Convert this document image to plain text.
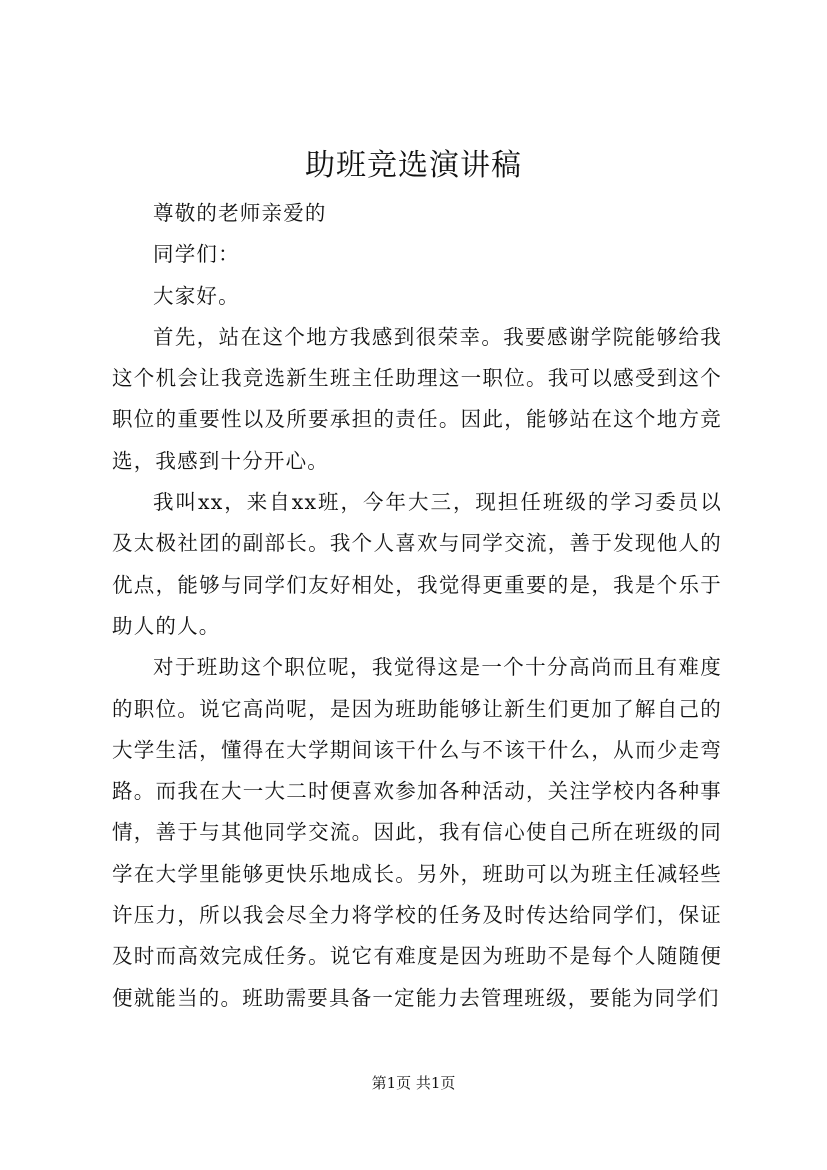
助班竞选演讲稿

尊敬的老师亲爱的

同学们：

大家好。

首先，站在这个地方我感到很荣幸。我要感谢学院能够给我这个机会让我竞选新生班主任助理这一职位。我可以感受到这个职位的重要性以及所要承担的责任。因此，能够站在这个地方竞选，我感到十分开心。

我叫xx，来自xx班，今年大三，现担任班级的学习委员以及太极社团的副部长。我个人喜欢与同学交流，善于发现他人的优点，能够与同学们友好相处，我觉得更重要的是，我是个乐于助人的人。

对于班助这个职位呢，我觉得这是一个十分高尚而且有难度的职位。说它高尚呢，是因为班助能够让新生们更加了解自己的大学生活，懂得在大学期间该干什么与不该干什么，从而少走弯路。而我在大一大二时便喜欢参加各种活动，关注学校内各种事情，善于与其他同学交流。因此，我有信心使自己所在班级的同学在大学里能够更快乐地成长。另外，班助可以为班主任减轻些许压力，所以我会尽全力将学校的任务及时传达给同学们，保证及时而高效完成任务。说它有难度是因为班助不是每个人随随便便就能当的。班助需要具备一定能力去管理班级，要能为同学们

第1页 共1页
